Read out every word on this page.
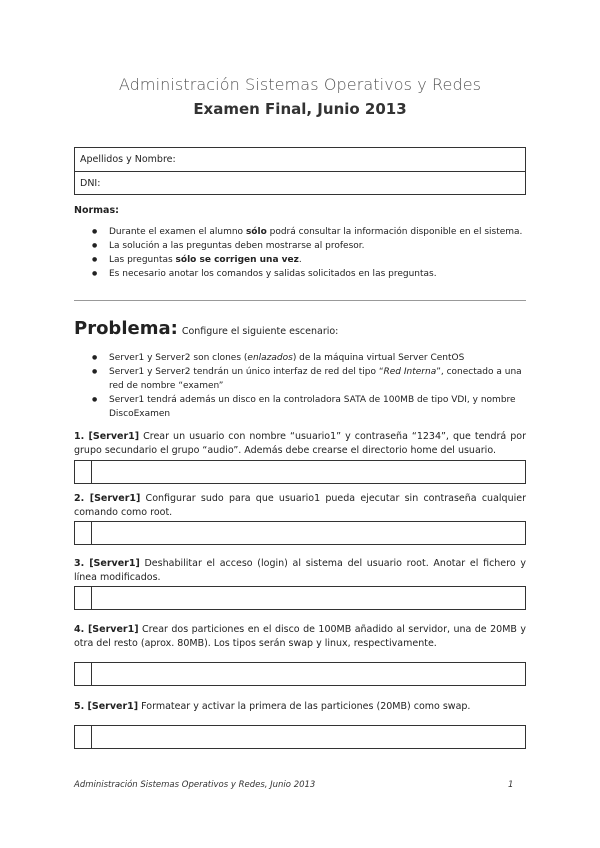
Administración Sistemas Operativos y Redes
Examen Final, Junio 2013
Apellidos y Nombre:
DNI:
Normas:
● Durante el examen el alumno sólo podrá consultar la información disponible en el sistema.
● La solución a las preguntas deben mostrarse al profesor.
● Las preguntas sólo se corrigen una vez.
● Es necesario anotar los comandos y salidas solicitados en las preguntas.
Problema: Configure el siguiente escenario:
● Server1 y Server2 son clones (enlazados) de la máquina virtual Server CentOS
● Server1 y Server2 tendrán un único interfaz de red del tipo “Red Interna”, conectado a una red de nombre “examen”
● Server1 tendrá además un disco en la controladora SATA de 100MB de tipo VDI, y nombre DiscoExamen
1. [Server1] Crear un usuario con nombre “usuario1” y contraseña “1234”, que tendrá por grupo secundario el grupo “audio”. Además debe crearse el directorio home del usuario.
2. [Server1] Configurar sudo para que usuario1 pueda ejecutar sin contraseña cualquier comando como root.
3. [Server1] Deshabilitar el acceso (login) al sistema del usuario root. Anotar el fichero y línea modificados.
4. [Server1] Crear dos particiones en el disco de 100MB añadido al servidor, una de 20MB y otra del resto (aprox. 80MB). Los tipos serán swap y linux, respectivamente.
5. [Server1] Formatear y activar la primera de las particiones (20MB) como swap.
Administración Sistemas Operativos y Redes, Junio 2013	1
